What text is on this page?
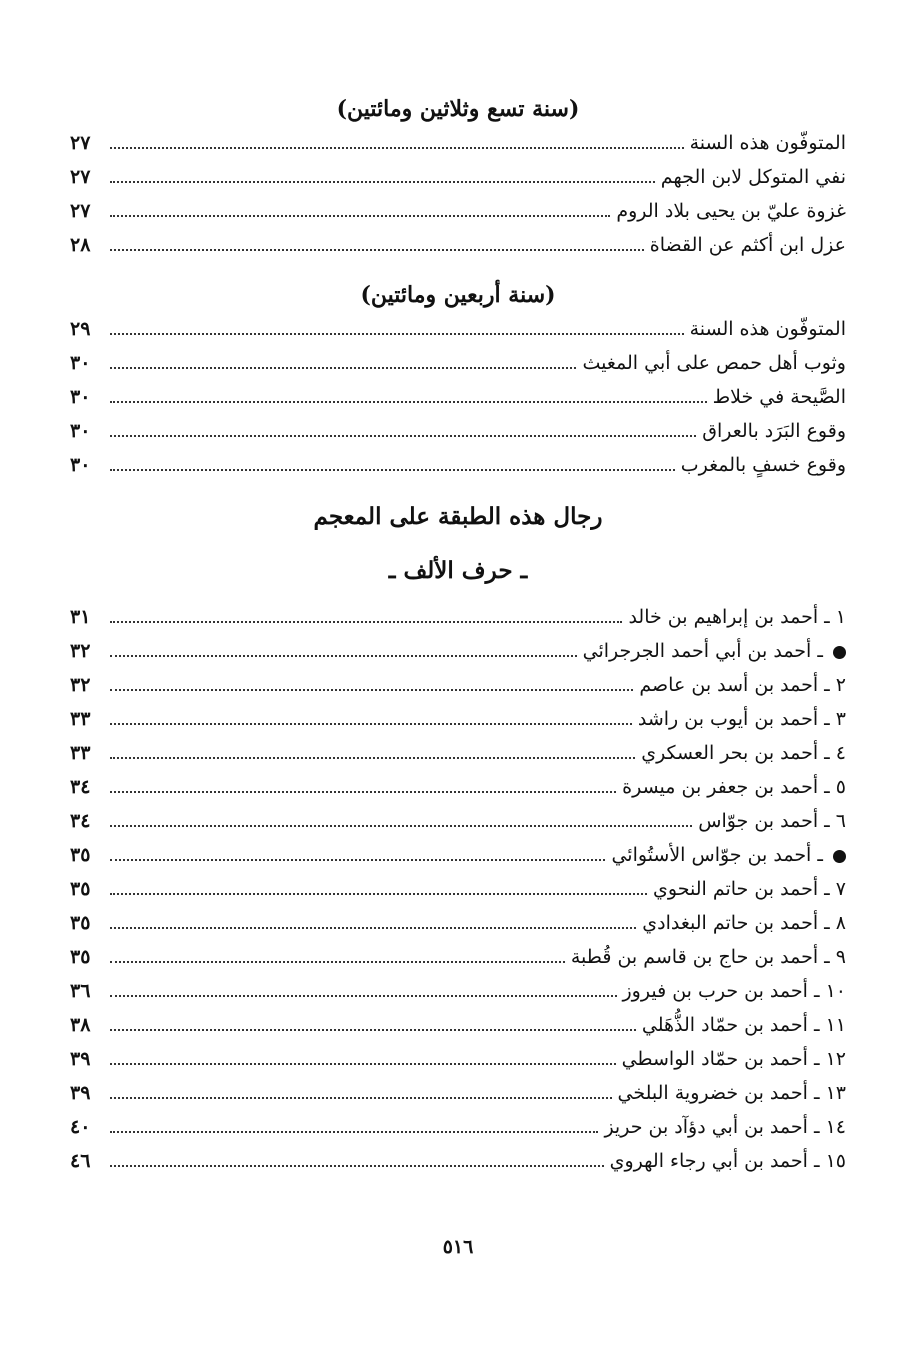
(سنة تسع وثلاثين ومائتين)
المتوفّون هذه السنة
٢٧
نفي المتوكل لابن الجهم
٢٧
غزوة عليّ بن يحيى بلاد الروم
٢٧
عزل ابن أكثم عن القضاة
٢٨
(سنة أربعين ومائتين)
المتوفّون هذه السنة
٢٩
وثوب أهل حمص على أبي المغيث
٣٠
الصَّيحة في خلاط
٣٠
وقوع البَرَد بالعراق
٣٠
وقوع خسفٍ بالمغرب
٣٠
رجال هذه الطبقة على المعجم
ـ حرف الألف ـ
١ ـ أحمد بن إبراهيم بن خالد
٣١
ـ أحمد بن أبي أحمد الجرجرائي
٣٢
٢ ـ أحمد بن أسد بن عاصم
٣٢
٣ ـ أحمد بن أيوب بن راشد
٣٣
٤ ـ أحمد بن بحر العسكري
٣٣
٥ ـ أحمد بن جعفر بن ميسرة
٣٤
٦ ـ أحمد بن جوّاس
٣٤
ـ أحمد بن جوّاس الأستُوائي
٣٥
٧ ـ أحمد بن حاتم النحوي
٣٥
٨ ـ أحمد بن حاتم البغدادي
٣٥
٩ ـ أحمد بن حاج بن قاسم بن قُطبة
٣٥
١٠ ـ أحمد بن حرب بن فيروز
٣٦
١١ ـ أحمد بن حمّاد الذُّهَلي
٣٨
١٢ ـ أحمد بن حمّاد الواسطي
٣٩
١٣ ـ أحمد بن خضروية البلخي
٣٩
١٤ ـ أحمد بن أبي دؤآد بن حريز
٤٠
١٥ ـ أحمد بن أبي رجاء الهروي
٤٦
٥١٦
